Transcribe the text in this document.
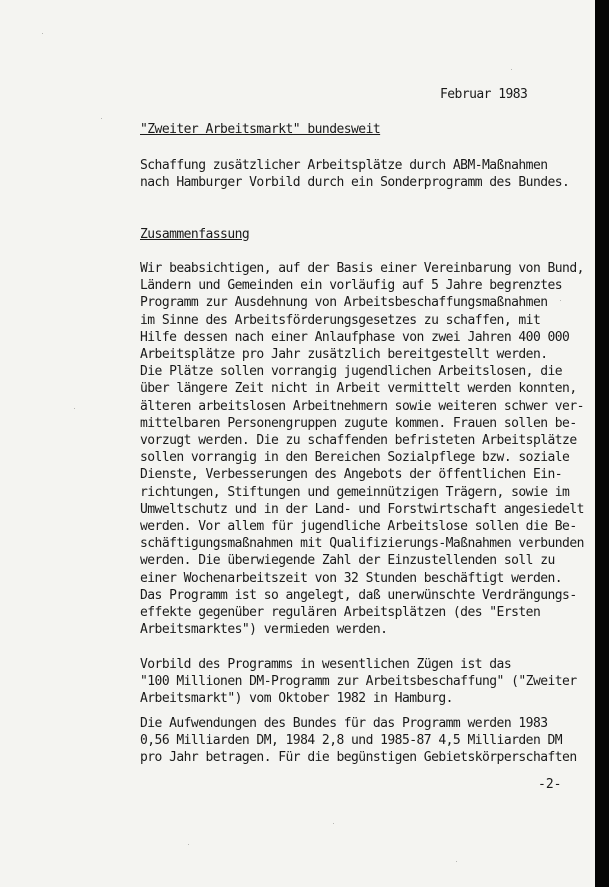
Februar 1983
"Zweiter Arbeitsmarkt" bundesweit
Schaffung zusätzlicher Arbeitsplätze durch ABM-Maßnahmen
nach Hamburger Vorbild durch ein Sonderprogramm des Bundes.
Zusammenfassung
Wir beabsichtigen, auf der Basis einer Vereinbarung von Bund,
Ländern und Gemeinden ein vorläufig auf 5 Jahre begrenztes
Programm zur Ausdehnung von Arbeitsbeschaffungsmaßnahmen
im Sinne des Arbeitsförderungsgesetzes zu schaffen, mit
Hilfe dessen nach einer Anlaufphase von zwei Jahren 400 000
Arbeitsplätze pro Jahr zusätzlich bereitgestellt werden.
Die Plätze sollen vorrangig jugendlichen Arbeitslosen, die
über längere Zeit nicht in Arbeit vermittelt werden konnten,
älteren arbeitslosen Arbeitnehmern sowie weiteren schwer ver-
mittelbaren Personengruppen zugute kommen. Frauen sollen be-
vorzugt werden. Die zu schaffenden befristeten Arbeitsplätze
sollen vorrangig in den Bereichen Sozialpflege bzw. soziale
Dienste, Verbesserungen des Angebots der öffentlichen Ein-
richtungen, Stiftungen und gemeinnützigen Trägern, sowie im
Umweltschutz und in der Land- und Forstwirtschaft angesiedelt
werden. Vor allem für jugendliche Arbeitslose sollen die Be-
schäftigungsmaßnahmen mit Qualifizierungs-Maßnahmen verbunden
werden. Die überwiegende Zahl der Einzustellenden soll zu
einer Wochenarbeitszeit von 32 Stunden beschäftigt werden.
Das Programm ist so angelegt, daß unerwünschte Verdrängungs-
effekte gegenüber regulären Arbeitsplätzen (des "Ersten
Arbeitsmarktes") vermieden werden.
Vorbild des Programms in wesentlichen Zügen ist das
"100 Millionen DM-Programm zur Arbeitsbeschaffung" ("Zweiter
Arbeitsmarkt") vom Oktober 1982 in Hamburg.
Die Aufwendungen des Bundes für das Programm werden 1983
0,56 Milliarden DM, 1984 2,8 und 1985-87 4,5 Milliarden DM
pro Jahr betragen. Für die begünstigen Gebietskörperschaften
-2-
